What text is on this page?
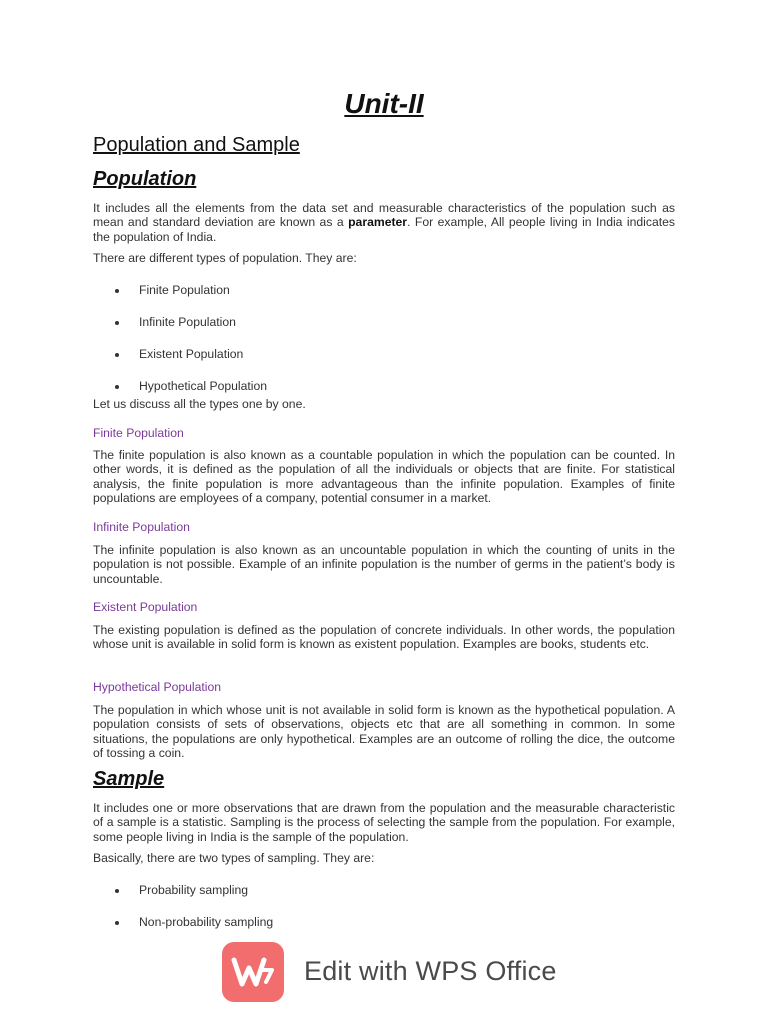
Unit-II
Population and Sample
Population

It includes all the elements from the data set and measurable characteristics of the population such as mean and standard deviation are known as a parameter. For example, All people living in India indicates the population of India.

There are different types of population. They are:

Finite Population
Infinite Population
Existent Population
Hypothetical Population

Let us discuss all the types one by one.

Finite Population

The finite population is also known as a countable population in which the population can be counted. In other words, it is defined as the population of all the individuals or objects that are finite. For statistical analysis, the finite population is more advantageous than the infinite population. Examples of finite populations are employees of a company, potential consumer in a market.

Infinite Population

The infinite population is also known as an uncountable population in which the counting of units in the population is not possible. Example of an infinite population is the number of germs in the patient’s body is uncountable.

Existent Population

The existing population is defined as the population of concrete individuals. In other words, the population whose unit is available in solid form is known as existent population. Examples are books, students etc.

Hypothetical Population

The population in which whose unit is not available in solid form is known as the hypothetical population. A population consists of sets of observations, objects etc that are all something in common. In some situations, the populations are only hypothetical. Examples are an outcome of rolling the dice, the outcome of tossing a coin.

Sample

It includes one or more observations that are drawn from the population and the measurable characteristic of a sample is a statistic. Sampling is the process of selecting the sample from the population. For example, some people living in India is the sample of the population.

Basically, there are two types of sampling. They are:

Probability sampling
Non-probability sampling
Edit with WPS Office
